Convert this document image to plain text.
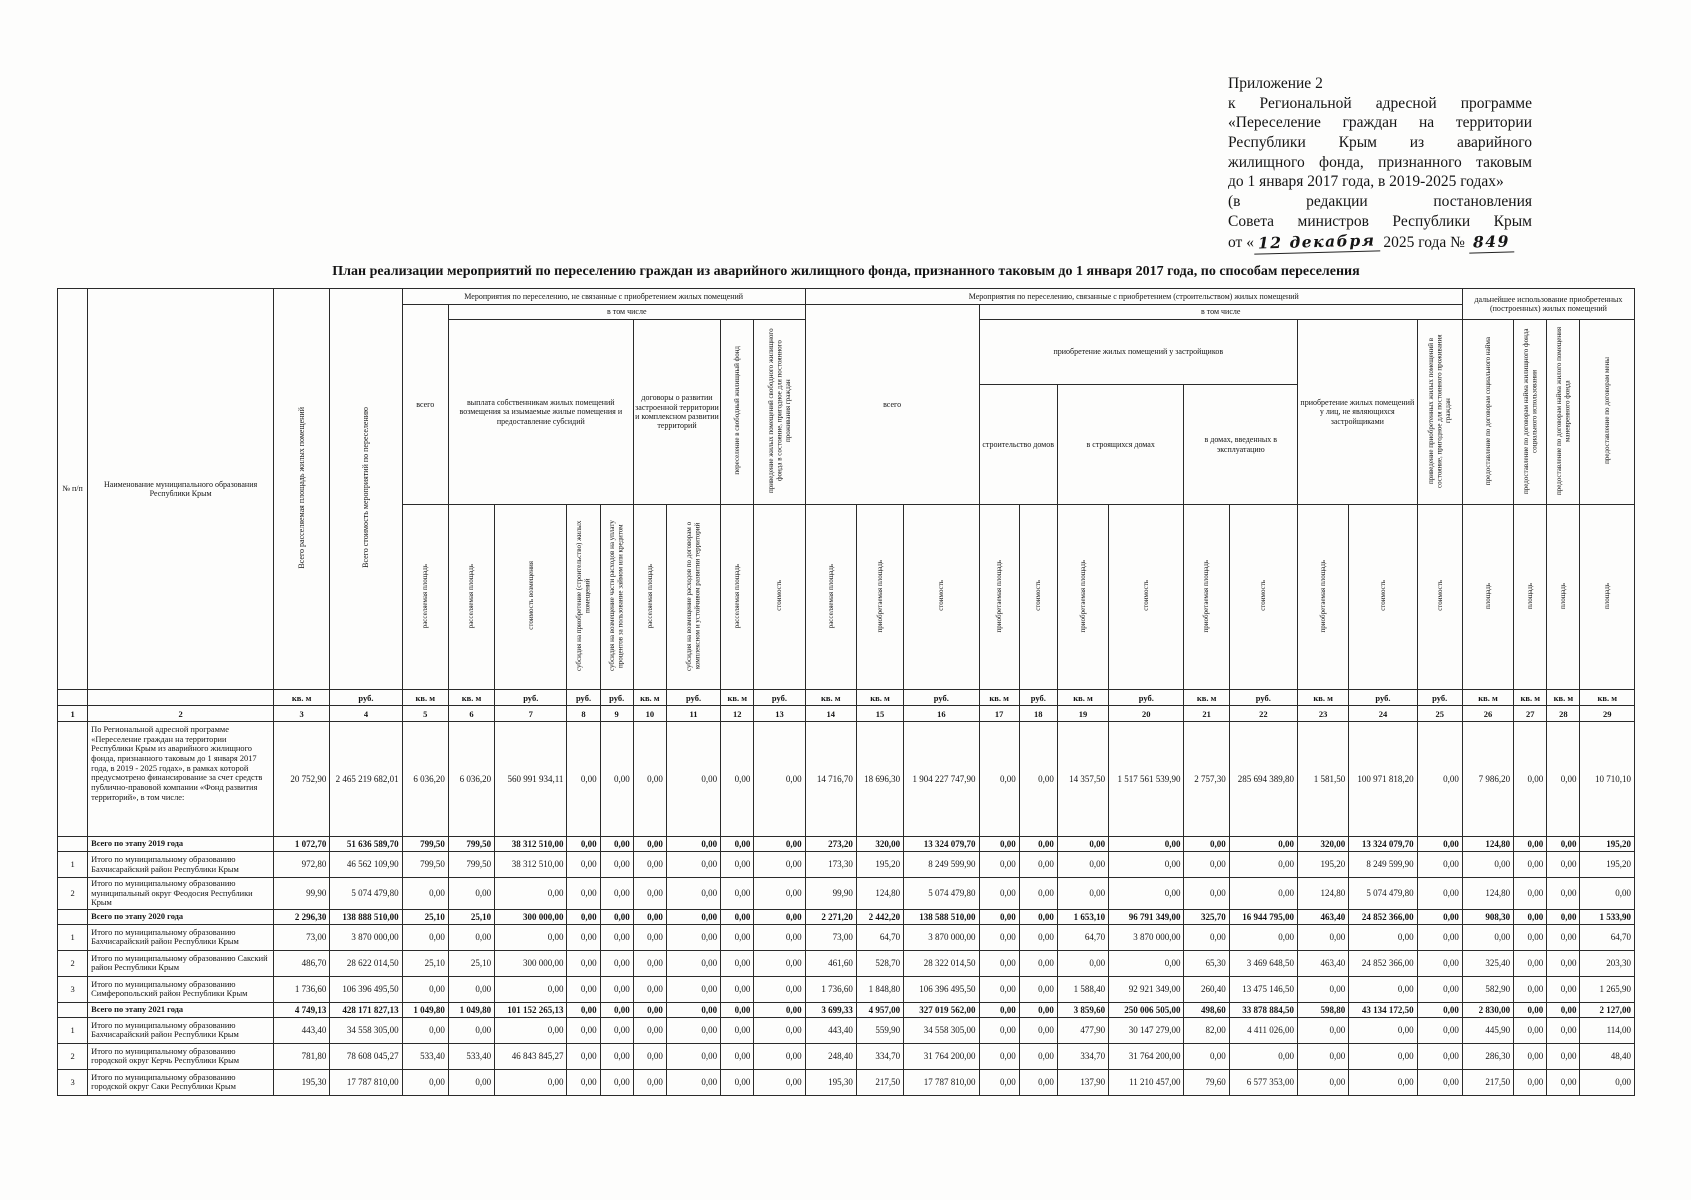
Приложение 2
к Региональной адресной программе
«Переселение граждан на территории
Республики Крым из аварийного
жилищного фонда, признанного таковым
до 1 января 2017 года, в 2019-2025 годах»
(в редакции постановления
Совета министров Республики Крым
от « 12 декабря 2025 года № 849
План реализации мероприятий по переселению граждан из аварийного жилищного фонда, признанного таковым до 1 января 2017 года, по способам переселения
№ п/п	Наименование муниципального образования Республики Крым	Всего расселяемая площадь жилых помещений	Всего стоимость мероприятий по переселению	Мероприятия по переселению, не связанные с приобретением жилых помещений									Мероприятия по переселению, связанные с приобретением (строительством) жилых помещений												дальнейшее использование приобретенных (построенных) жилых помещений			
				всего	в том числе								всего			в том числе												
					выплата собственникам жилых помещений возмещения за изымаемые жилые помещения и предоставление субсидий				договоры о развитии застроенной территории и комплексном развитии территорий		переселение в свободный жилищный фонд	приведение жилых помещений свободного жилищного фонда в состояние, пригодное для постоянного проживания граждан				приобретение жилых помещений у застройщиков						приобретение жилых помещений у лиц, не являющихся застройщиками		приведение приобретенных жилых помещений в состояние, пригодное для постоянного проживания граждан	предоставление по договорам социального найма	предоставление по договорам найма жилищного фонда социального использования	предоставление по договорам найма жилого помещения маневренного фонда	предоставление по договорам мены
																строительство домов		в строящихся домах		в домах, введенных в эксплуатацию								
				расселяемая площадь	расселяемая площадь	стоимость возмещения	субсидия на приобретение (строительство) жилых помещений	субсидия на возмещение части расходов на уплату процентов за пользование займом или кредитом	расселяемая площадь	субсидия на возмещение расходов по договорам о комплексном и устойчивом развитии территорий	расселяемая площадь	стоимость	расселяемая площадь	приобретаемая площадь	стоимость	приобретаемая площадь	стоимость	приобретаемая площадь	стоимость	приобретаемая площадь	стоимость	приобретаемая площадь	стоимость	стоимость	площадь	площадь	площадь	площадь
		кв. м	руб.	кв. м	кв. м	руб.	руб.	руб.	кв. м	руб.	кв. м	руб.	кв. м	кв. м	руб.	кв. м	руб.	кв. м	руб.	кв. м	руб.	кв. м	руб.	руб.	кв. м	кв. м	кв. м	кв. м
1	2	3	4	5	6	7	8	9	10	11	12	13	14	15	16	17	18	19	20	21	22	23	24	25	26	27	28	29
	По Региональной адресной программе «Переселение граждан на территории Республики Крым из аварийного жилищного фонда, признанного таковым до 1 января 2017 года, в 2019 - 2025 годах», в рамках которой предусмотрено финансирование за счет средств публично-правовой компании «Фонд развития территорий», в том числе:	20 752,90	2 465 219 682,01	6 036,20	6 036,20	560 991 934,11	0,00	0,00	0,00	0,00	0,00	0,00	14 716,70	18 696,30	1 904 227 747,90	0,00	0,00	14 357,50	1 517 561 539,90	2 757,30	285 694 389,80	1 581,50	100 971 818,20	0,00	7 986,20	0,00	0,00	10 710,10
	Всего по этапу 2019 года	1 072,70	51 636 589,70	799,50	799,50	38 312 510,00	0,00	0,00	0,00	0,00	0,00	0,00	273,20	320,00	13 324 079,70	0,00	0,00	0,00	0,00	0,00	0,00	320,00	13 324 079,70	0,00	124,80	0,00	0,00	195,20
1	Итого по муниципальному образованию Бахчисарайский район Республики Крым	972,80	46 562 109,90	799,50	799,50	38 312 510,00	0,00	0,00	0,00	0,00	0,00	0,00	173,30	195,20	8 249 599,90	0,00	0,00	0,00	0,00	0,00	0,00	195,20	8 249 599,90	0,00	0,00	0,00	0,00	195,20
2	Итого по муниципальному образованию муниципальный округ Феодосия Республики Крым	99,90	5 074 479,80	0,00	0,00	0,00	0,00	0,00	0,00	0,00	0,00	0,00	99,90	124,80	5 074 479,80	0,00	0,00	0,00	0,00	0,00	0,00	124,80	5 074 479,80	0,00	124,80	0,00	0,00	0,00
	Всего по этапу 2020 года	2 296,30	138 888 510,00	25,10	25,10	300 000,00	0,00	0,00	0,00	0,00	0,00	0,00	2 271,20	2 442,20	138 588 510,00	0,00	0,00	1 653,10	96 791 349,00	325,70	16 944 795,00	463,40	24 852 366,00	0,00	908,30	0,00	0,00	1 533,90
1	Итого по муниципальному образованию Бахчисарайский район Республики Крым	73,00	3 870 000,00	0,00	0,00	0,00	0,00	0,00	0,00	0,00	0,00	0,00	73,00	64,70	3 870 000,00	0,00	0,00	64,70	3 870 000,00	0,00	0,00	0,00	0,00	0,00	0,00	0,00	0,00	64,70
2	Итого по муниципальному образованию Сакский район Республики Крым	486,70	28 622 014,50	25,10	25,10	300 000,00	0,00	0,00	0,00	0,00	0,00	0,00	461,60	528,70	28 322 014,50	0,00	0,00	0,00	0,00	65,30	3 469 648,50	463,40	24 852 366,00	0,00	325,40	0,00	0,00	203,30
3	Итого по муниципальному образованию Симферопольский район Республики Крым	1 736,60	106 396 495,50	0,00	0,00	0,00	0,00	0,00	0,00	0,00	0,00	0,00	1 736,60	1 848,80	106 396 495,50	0,00	0,00	1 588,40	92 921 349,00	260,40	13 475 146,50	0,00	0,00	0,00	582,90	0,00	0,00	1 265,90
	Всего по этапу 2021 года	4 749,13	428 171 827,13	1 049,80	1 049,80	101 152 265,13	0,00	0,00	0,00	0,00	0,00	0,00	3 699,33	4 957,00	327 019 562,00	0,00	0,00	3 859,60	250 006 505,00	498,60	33 878 884,50	598,80	43 134 172,50	0,00	2 830,00	0,00	0,00	2 127,00
1	Итого по муниципальному образованию Бахчисарайский район Республики Крым	443,40	34 558 305,00	0,00	0,00	0,00	0,00	0,00	0,00	0,00	0,00	0,00	443,40	559,90	34 558 305,00	0,00	0,00	477,90	30 147 279,00	82,00	4 411 026,00	0,00	0,00	0,00	445,90	0,00	0,00	114,00
2	Итого по муниципальному образованию городской округ Керчь Республики Крым	781,80	78 608 045,27	533,40	533,40	46 843 845,27	0,00	0,00	0,00	0,00	0,00	0,00	248,40	334,70	31 764 200,00	0,00	0,00	334,70	31 764 200,00	0,00	0,00	0,00	0,00	0,00	286,30	0,00	0,00	48,40
3	Итого по муниципальному образованию городской округ Саки Республики Крым	195,30	17 787 810,00	0,00	0,00	0,00	0,00	0,00	0,00	0,00	0,00	0,00	195,30	217,50	17 787 810,00	0,00	0,00	137,90	11 210 457,00	79,60	6 577 353,00	0,00	0,00	0,00	217,50	0,00	0,00	0,00
